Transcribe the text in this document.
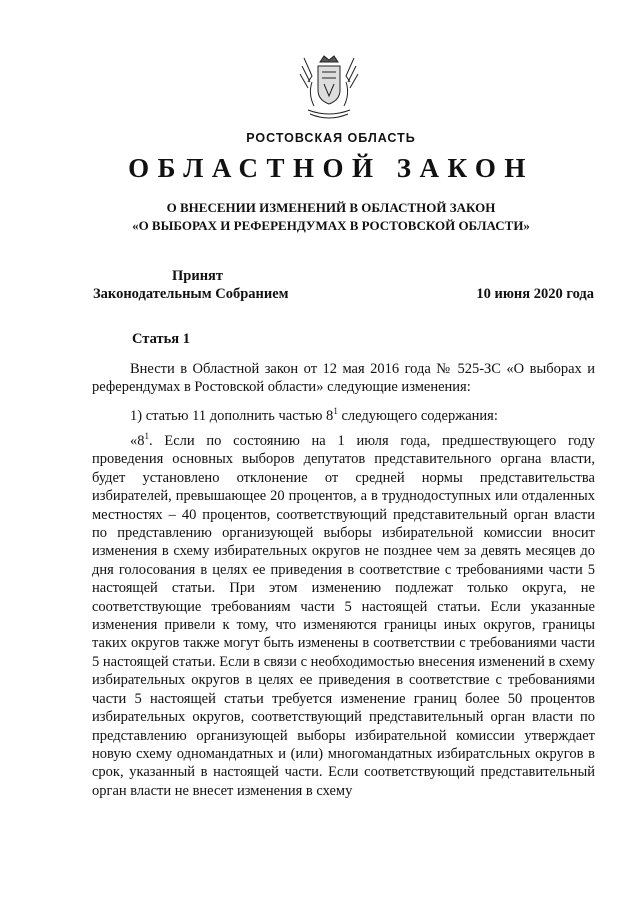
РОСТОВСКАЯ ОБЛАСТЬ
ОБЛАСТНОЙ ЗАКОН
О ВНЕСЕНИИ ИЗМЕНЕНИЙ В ОБЛАСТНОЙ ЗАКОН
«О ВЫБОРАХ И РЕФЕРЕНДУМАХ В РОСТОВСКОЙ ОБЛАСТИ»
Принят
Законодательным Собранием	10 июня 2020 года
Статья 1

Внести в Областной закон от 12 мая 2016 года № 525-ЗС «О выборах и референдумах в Ростовской области» следующие изменения:

1) статью 11 дополнить частью $8^1$ следующего содержания:

«$8^1$. Если по состоянию на 1 июля года, предшествующего году проведения основных выборов депутатов представительного органа власти, будет установлено отклонение от средней нормы представительства избирателей, превышающее 20 процентов, а в труднодоступных или отдаленных местностях – 40 процентов, соответствующий представительный орган власти по представлению организующей выборы избирательной комиссии вносит изменения в схему избирательных округов не позднее чем за девять месяцев до дня голосования в целях ее приведения в соответствие с требованиями части 5 настоящей статьи. При этом изменению подлежат только округа, не соответствующие требованиям части 5 настоящей статьи. Если указанные изменения привели к тому, что изменяются границы иных округов, границы таких округов также могут быть изменены в соответствии с требованиями части 5 настоящей статьи. Если в связи с необходимостью внесения изменений в схему избирательных округов в целях ее приведения в соответствие с требованиями части 5 настоящей статьи требуется изменение границ более 50 процентов избирательных округов, соответствующий представительный орган власти по представлению организующей выборы избирательной комиссии утверждает новую схему одномандатных и (или) многомандатных избиратсльных округов в срок, указанный в настоящей части. Если соответствующий представительный орган власти не внесет изменения в схему
